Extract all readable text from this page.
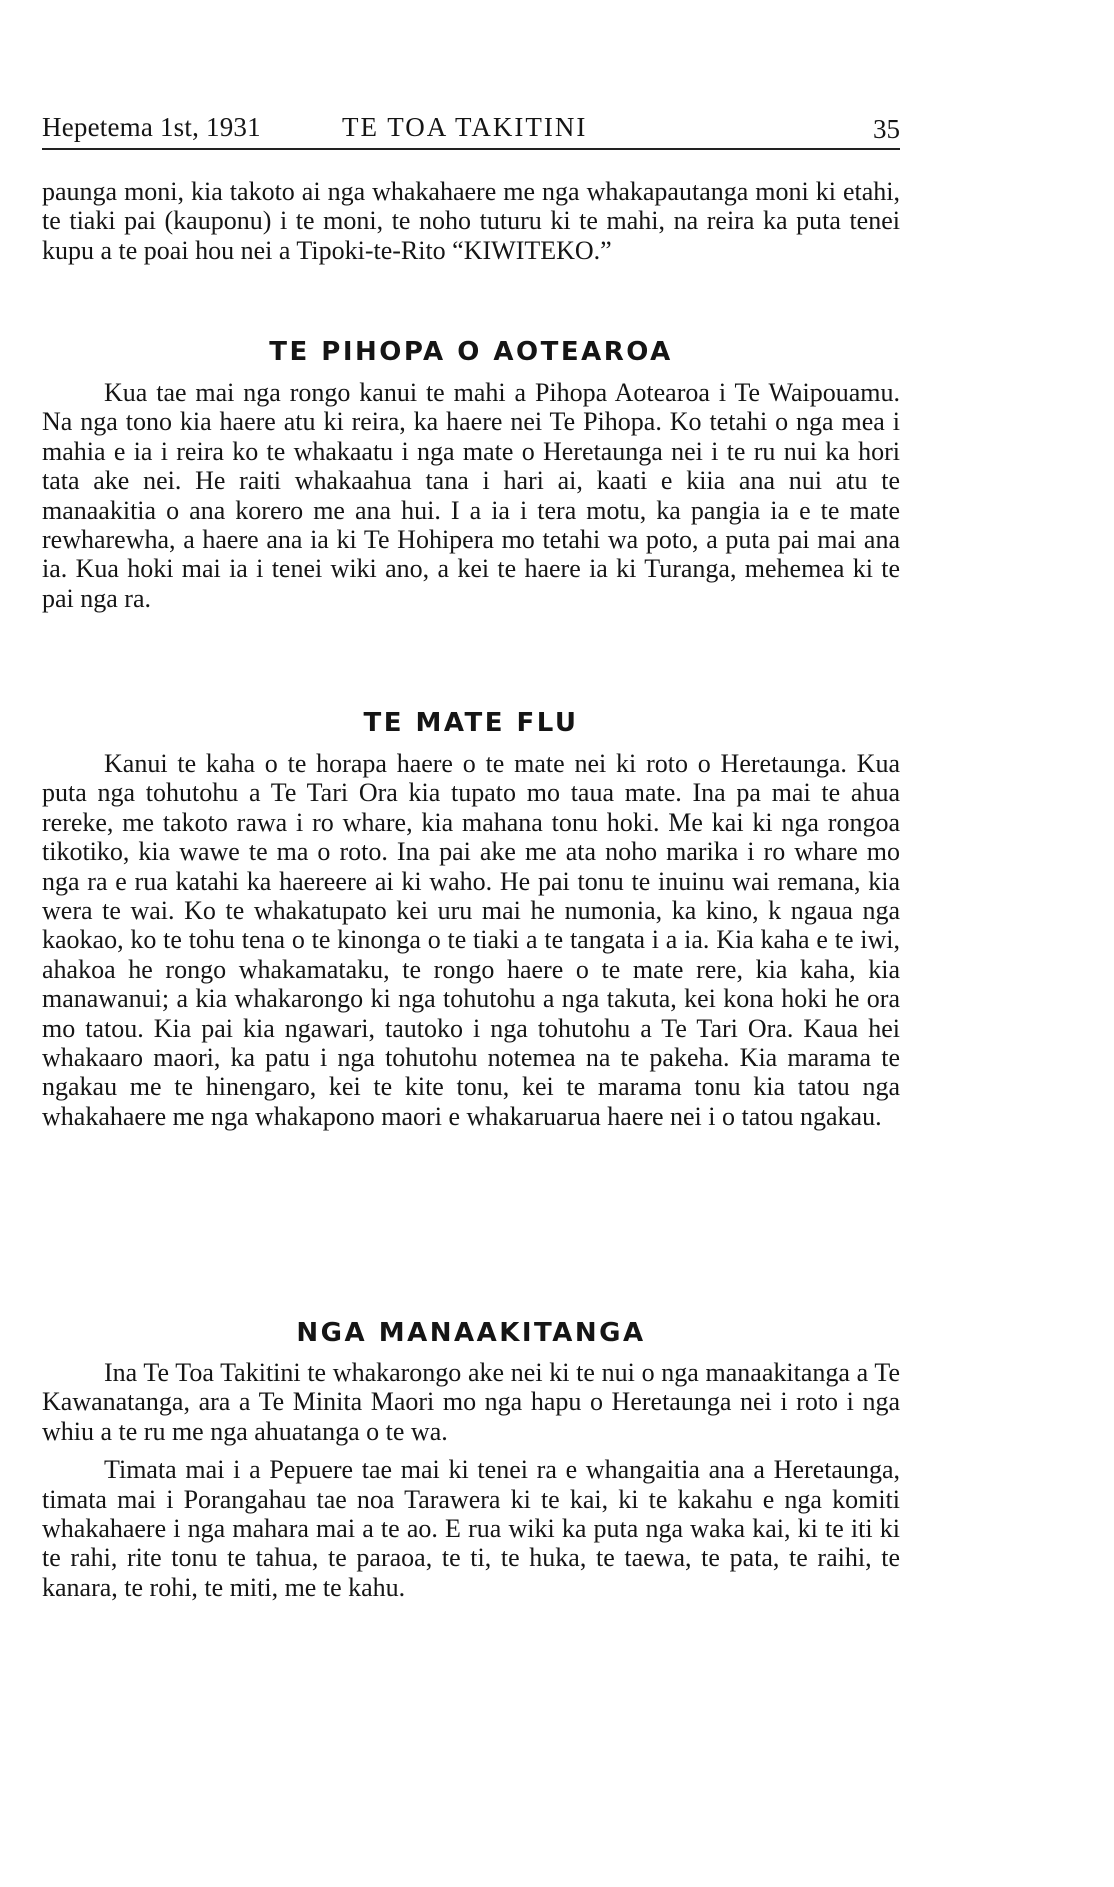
Hepetema 1st, 1931	TE TOA TAKITINI	35

paunga moni, kia takoto ai nga whakahaere me nga whakapautanga moni ki etahi, te tiaki pai (kauponu) i te moni, te noho tuturu ki te mahi, na reira ka puta tenei kupu a te poai hou nei a Tipoki-te-Rito “KIWITEKO.”

TE PIHOPA O AOTEAROA

Kua tae mai nga rongo kanui te mahi a Pihopa Aotearoa i Te Waipouamu. Na nga tono kia haere atu ki reira, ka haere nei Te Pihopa. Ko tetahi o nga mea i mahia e ia i reira ko te whakaatu i nga mate o Heretaunga nei i te ru nui ka hori tata ake nei. He raiti whakaahua tana i hari ai, kaati e kiia ana nui atu te manaakitia o ana korero me ana hui. I a ia i tera motu, ka pangia ia e te mate rewharewha, a haere ana ia ki Te Hohipera mo tetahi wa poto, a puta pai mai ana ia. Kua hoki mai ia i tenei wiki ano, a kei te haere ia ki Turanga, mehemea ki te pai nga ra.

TE MATE FLU

Kanui te kaha o te horapa haere o te mate nei ki roto o Heretaunga. Kua puta nga tohutohu a Te Tari Ora kia tupato mo taua mate. Ina pa mai te ahua rereke, me takoto rawa i ro whare, kia mahana tonu hoki. Me kai ki nga rongoa tikotiko, kia wawe te ma o roto. Ina pai ake me ata noho marika i ro whare mo nga ra e rua katahi ka haereere ai ki waho. He pai tonu te inuinu wai remana, kia wera te wai. Ko te whakatupato kei uru mai he numonia, ka kino, k ngaua nga kaokao, ko te tohu tena o te kinonga o te tiaki a te tangata i a ia. Kia kaha e te iwi, ahakoa he rongo whakamataku, te rongo haere o te mate rere, kia kaha, kia manawanui; a kia whakarongo ki nga tohutohu a nga takuta, kei kona hoki he ora mo tatou. Kia pai kia ngawari, tautoko i nga tohutohu a Te Tari Ora. Kaua hei whakaaro maori, ka patu i nga tohutohu notemea na te pakeha. Kia marama te ngakau me te hinengaro, kei te kite tonu, kei te marama tonu kia tatou nga whakahaere me nga whakapono maori e whakaruarua haere nei i o tatou ngakau.

NGA MANAAKITANGA

Ina Te Toa Takitini te whakarongo ake nei ki te nui o nga manaakitanga a Te Kawanatanga, ara a Te Minita Maori mo nga hapu o Heretaunga nei i roto i nga whiu a te ru me nga ahuatanga o te wa.

Timata mai i a Pepuere tae mai ki tenei ra e whangaitia ana a Heretaunga, timata mai i Porangahau tae noa Tarawera ki te kai, ki te kakahu e nga komiti whakahaere i nga mahara mai a te ao. E rua wiki ka puta nga waka kai, ki te iti ki te rahi, rite tonu te tahua, te paraoa, te ti, te huka, te taewa, te pata, te raihi, te kanara, te rohi, te miti, me te kahu.
